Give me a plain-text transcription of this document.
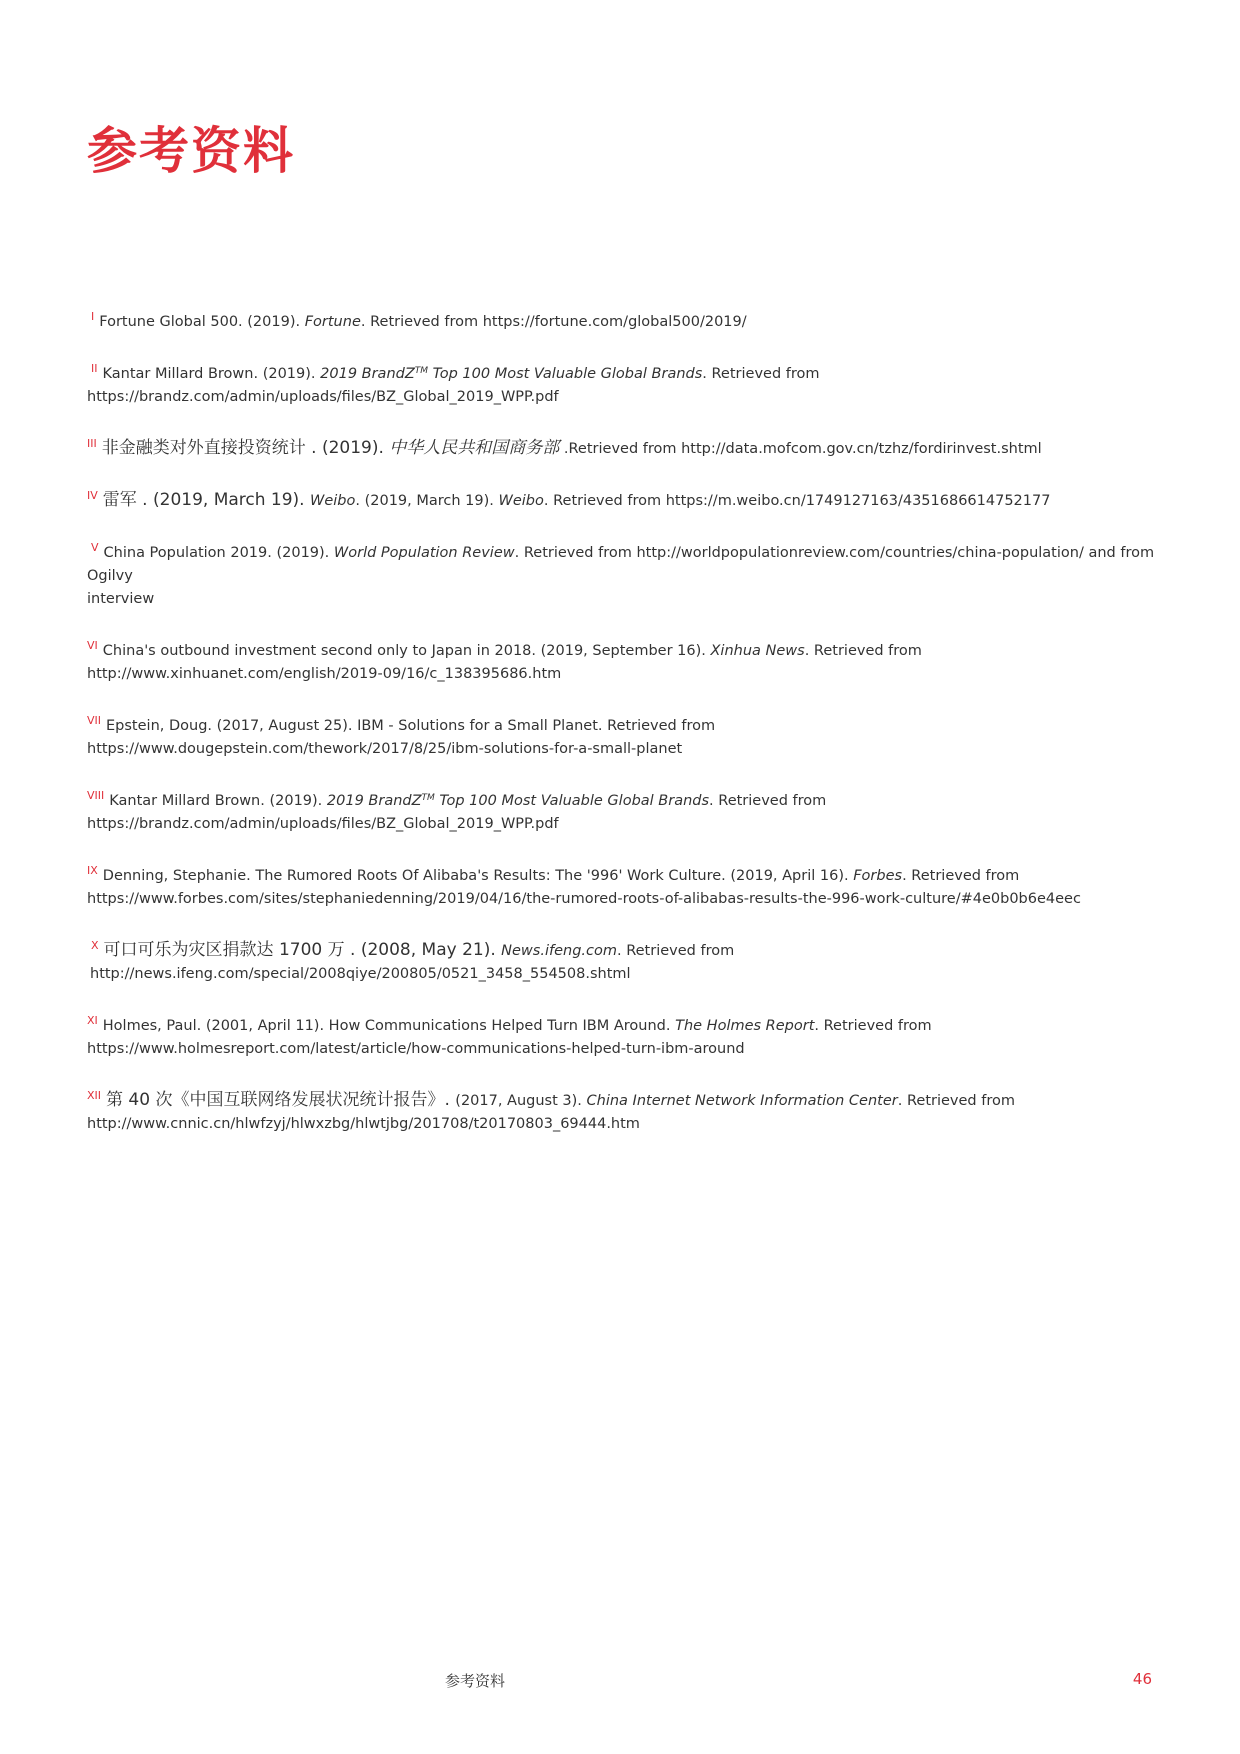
参考资料
$^I$ Fortune Global 500. (2019). Fortune. Retrieved from https://fortune.com/global500/2019/
$^{II}$ Kantar Millard Brown. (2019). 2019 BrandZ™ Top 100 Most Valuable Global Brands. Retrieved from
https://brandz.com/admin/uploads/files/BZ_Global_2019_WPP.pdf
$^{III}$ 非金融类对外直接投资统计 . (2019). 中华人民共和国商务部 .Retrieved from http://data.mofcom.gov.cn/tzhz/fordirinvest.shtml
$^{IV}$ 雷军 . (2019, March 19). Weibo. (2019, March 19). Weibo. Retrieved from https://m.weibo.cn/1749127163/4351686614752177
$^V$ China Population 2019. (2019). World Population Review. Retrieved from http://worldpopulationreview.com/countries/china-population/ and from Ogilvy
interview
$^{VI}$ China's outbound investment second only to Japan in 2018. (2019, September 16). Xinhua News. Retrieved from
http://www.xinhuanet.com/english/2019-09/16/c_138395686.htm
$^{VII}$ Epstein, Doug. (2017, August 25). IBM - Solutions for a Small Planet. Retrieved from
https://www.dougepstein.com/thework/2017/8/25/ibm-solutions-for-a-small-planet
$^{VIII}$ Kantar Millard Brown. (2019). 2019 BrandZ™ Top 100 Most Valuable Global Brands. Retrieved from
https://brandz.com/admin/uploads/files/BZ_Global_2019_WPP.pdf
$^{IX}$ Denning, Stephanie. The Rumored Roots Of Alibaba's Results: The '996' Work Culture. (2019, April 16). Forbes. Retrieved from
https://www.forbes.com/sites/stephaniedenning/2019/04/16/the-rumored-roots-of-alibabas-results-the-996-work-culture/#4e0b0b6e4eec
$^X$ 可口可乐为灾区捐款达 1700 万 . (2008, May 21). News.ifeng.com. Retrieved from
http://news.ifeng.com/special/2008qiye/200805/0521_3458_554508.shtml
$^{XI}$ Holmes, Paul. (2001, April 11). How Communications Helped Turn IBM Around. The Holmes Report. Retrieved from
https://www.holmesreport.com/latest/article/how-communications-helped-turn-ibm-around
$^{XII}$ 第 40 次《中国互联网络发展状况统计报告》. (2017, August 3). China Internet Network Information Center. Retrieved from
http://www.cnnic.cn/hlwfzyj/hlwxzbg/hlwtjbg/201708/t20170803_69444.htm
参考资料	46
